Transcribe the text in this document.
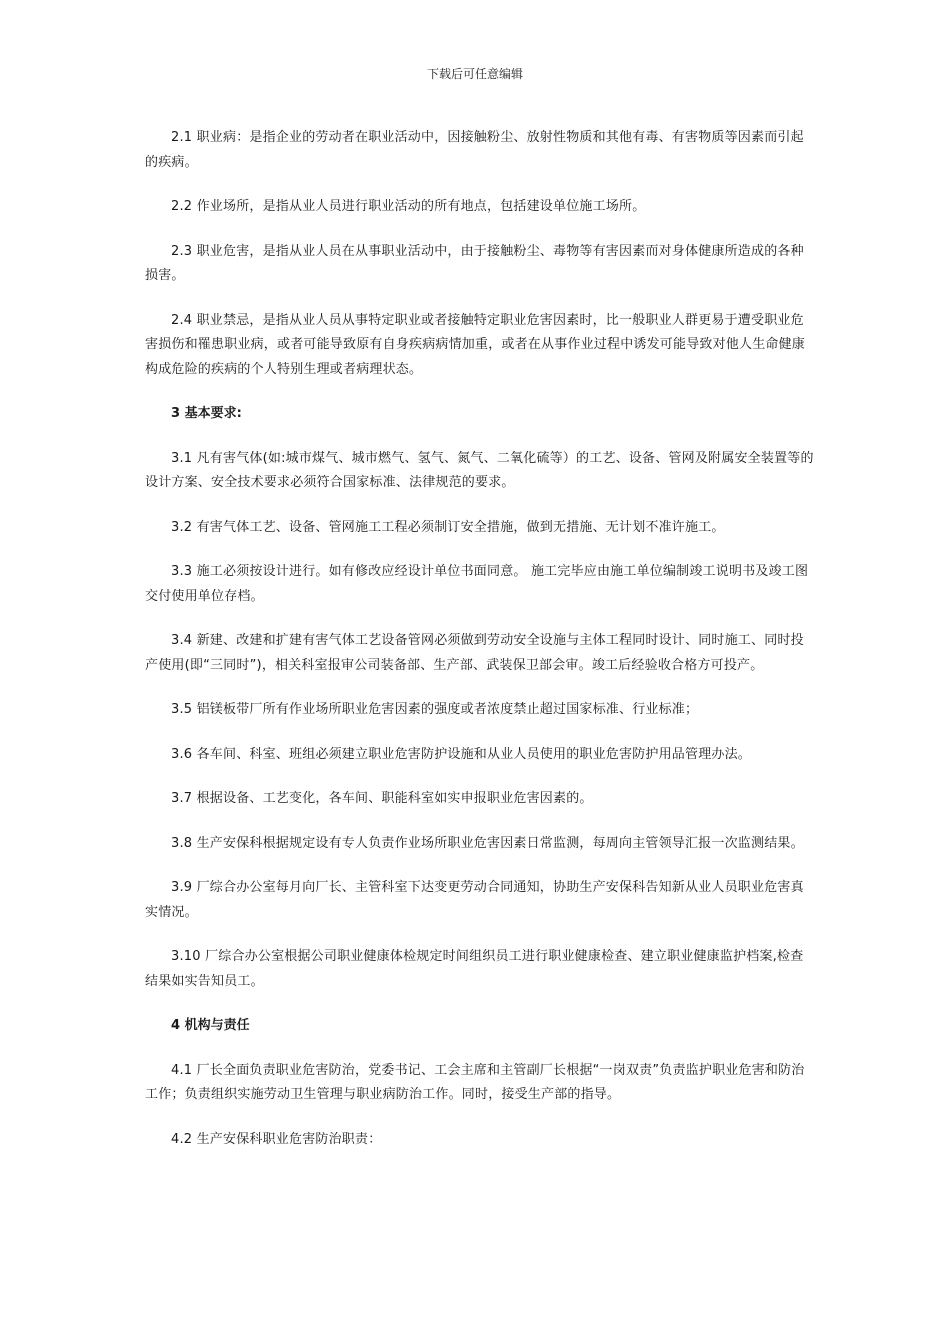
下载后可任意编辑

2.1 职业病：是指企业的劳动者在职业活动中，因接触粉尘、放射性物质和其他有毒、有害物质等因素而引起的疾病。

2.2 作业场所，是指从业人员进行职业活动的所有地点，包括建设单位施工场所。

2.3 职业危害，是指从业人员在从事职业活动中，由于接触粉尘、毒物等有害因素而对身体健康所造成的各种损害。

2.4 职业禁忌，是指从业人员从事特定职业或者接触特定职业危害因素时，比一般职业人群更易于遭受职业危害损伤和罹患职业病，或者可能导致原有自身疾病病情加重，或者在从事作业过程中诱发可能导致对他人生命健康构成危险的疾病的个人特别生理或者病理状态。

3 基本要求:

3.1 凡有害气体(如:城市煤气、城市燃气、氢气、氮气、二氧化硫等）的工艺、设备、管网及附属安全装置等的设计方案、安全技术要求必须符合国家标准、法律规范的要求。

3.2 有害气体工艺、设备、管网施工工程必须制订安全措施，做到无措施、无计划不准许施工。

3.3 施工必须按设计进行。如有修改应经设计单位书面同意。 施工完毕应由施工单位编制竣工说明书及竣工图交付使用单位存档。

3.4 新建、改建和扩建有害气体工艺设备管网必须做到劳动安全设施与主体工程同时设计、同时施工、同时投产使用(即“三同时”)，相关科室报审公司装备部、生产部、武装保卫部会审。竣工后经验收合格方可投产。

3.5 铝镁板带厂所有作业场所职业危害因素的强度或者浓度禁止超过国家标准、行业标准；

3.6 各车间、科室、班组必须建立职业危害防护设施和从业人员使用的职业危害防护用品管理办法。

3.7 根据设备、工艺变化，各车间、职能科室如实申报职业危害因素的。

3.8 生产安保科根据规定设有专人负责作业场所职业危害因素日常监测，每周向主管领导汇报一次监测结果。

3.9 厂综合办公室每月向厂长、主管科室下达变更劳动合同通知，协助生产安保科告知新从业人员职业危害真实情况。

3.10 厂综合办公室根据公司职业健康体检规定时间组织员工进行职业健康检查、建立职业健康监护档案,检查结果如实告知员工。

4 机构与责任

4.1 厂长全面负责职业危害防治，党委书记、工会主席和主管副厂长根据“一岗双责”负责监护职业危害和防治工作；负责组织实施劳动卫生管理与职业病防治工作。同时，接受生产部的指导。

4.2 生产安保科职业危害防治职责：
